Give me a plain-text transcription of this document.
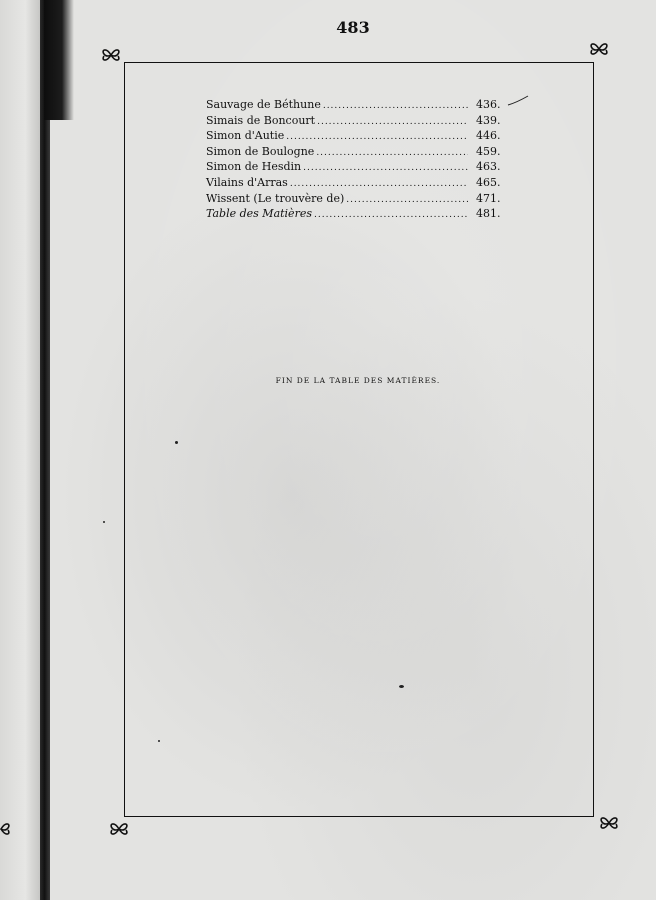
483
Sauvage de Béthune .....	436.
Simais de Boncourt .....	439.
Simon d'Autie .....	446.
Simon de Boulogne .....	459.
Simon de Hesdin .....	463.
Vilains d'Arras .....	465.
Wissent (Le trouvère de) .....	471.
Table des Matières .....	481.
FIN DE LA TABLE DES MATIÈRES.
